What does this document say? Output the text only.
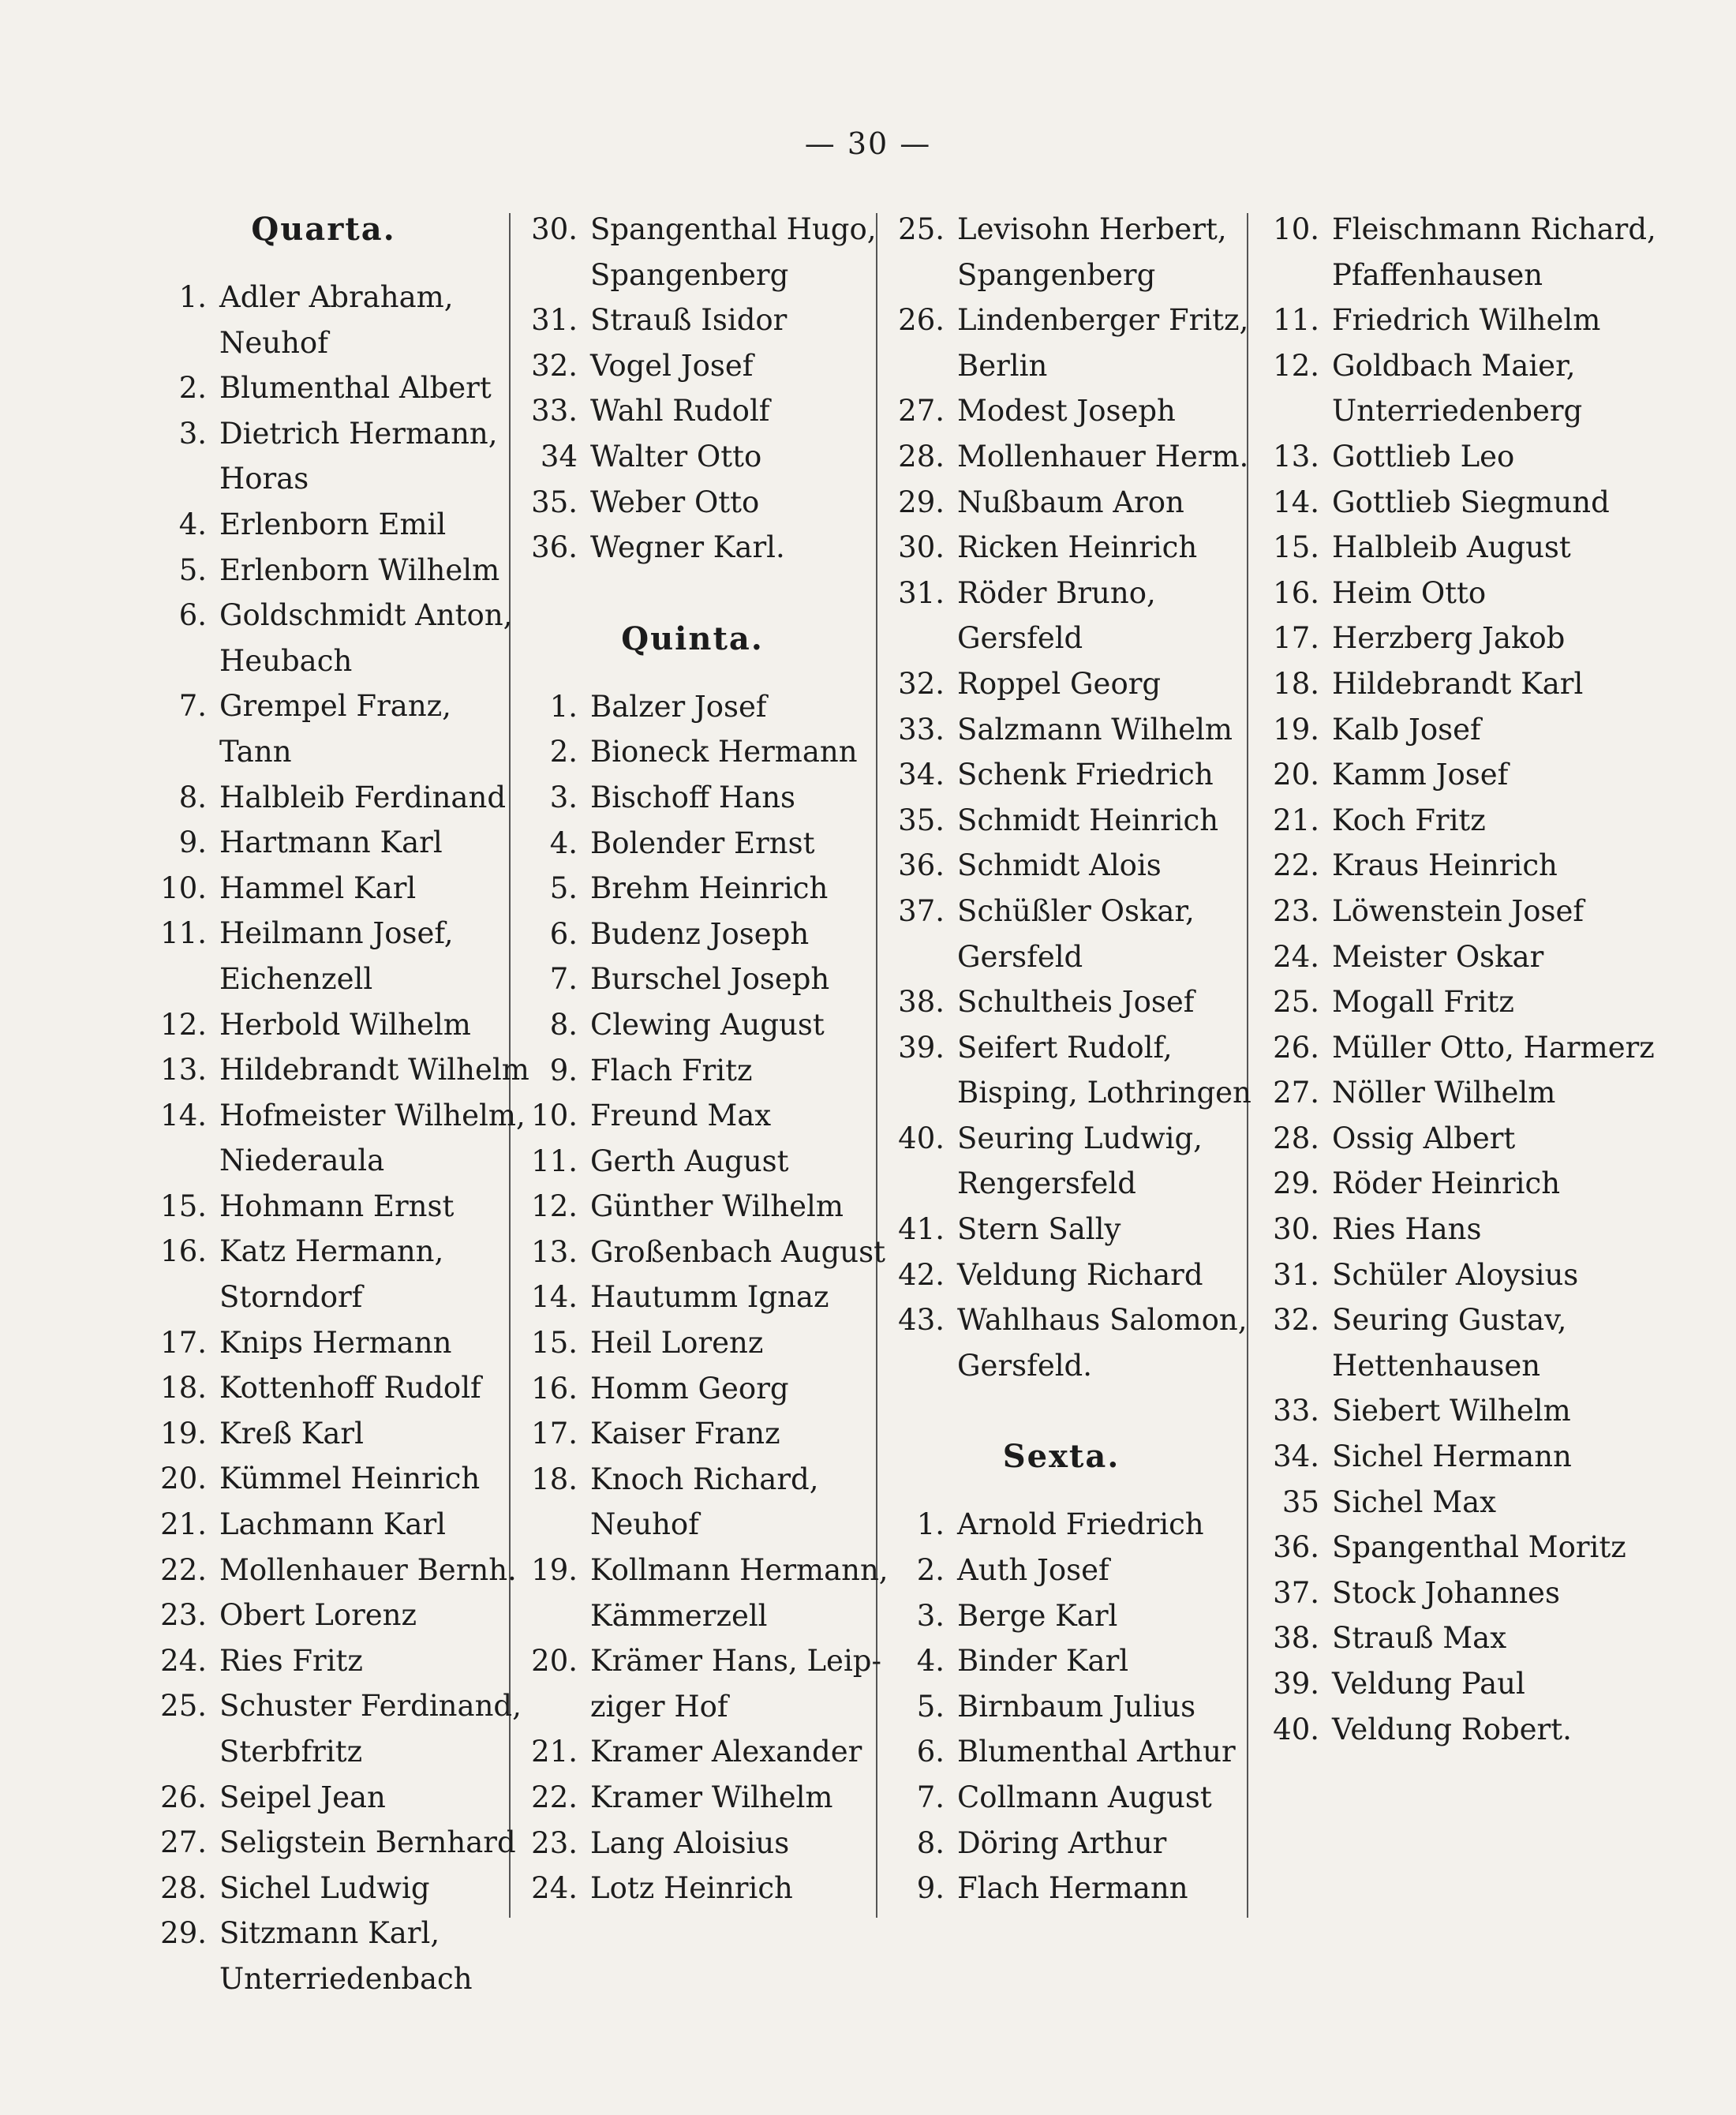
— 30 —
Quarta.
1. Adler Abraham,
Neuhof
2. Blumenthal Albert
3. Dietrich Hermann,
Horas
4. Erlenborn Emil
5. Erlenborn Wilhelm
6. Goldschmidt Anton,
Heubach
7. Grempel Franz,
Tann
8. Halbleib Ferdinand
9. Hartmann Karl
10. Hammel Karl
11. Heilmann Josef,
Eichenzell
12. Herbold Wilhelm
13. Hildebrandt Wilhelm
14. Hofmeister Wilhelm,
Niederaula
15. Hohmann Ernst
16. Katz Hermann,
Storndorf
17. Knips Hermann
18. Kottenhoff Rudolf
19. Kreß Karl
20. Kümmel Heinrich
21. Lachmann Karl
22. Mollenhauer Bernh.
23. Obert Lorenz
24. Ries Fritz
25. Schuster Ferdinand,
Sterbfritz
26. Seipel Jean
27. Seligstein Bernhard
28. Sichel Ludwig
29. Sitzmann Karl,
Unterriedenbach
30. Spangenthal Hugo,
Spangenberg
31. Strauß Isidor
32. Vogel Josef
33. Wahl Rudolf
34 Walter Otto
35. Weber Otto
36. Wegner Karl.
Quinta.
1. Balzer Josef
2. Bioneck Hermann
3. Bischoff Hans
4. Bolender Ernst
5. Brehm Heinrich
6. Budenz Joseph
7. Burschel Joseph
8. Clewing August
9. Flach Fritz
10. Freund Max
11. Gerth August
12. Günther Wilhelm
13. Großenbach August
14. Hautumm Ignaz
15. Heil Lorenz
16. Homm Georg
17. Kaiser Franz
18. Knoch Richard,
Neuhof
19. Kollmann Hermann,
Kämmerzell
20. Krämer Hans, Leip-
ziger Hof
21. Kramer Alexander
22. Kramer Wilhelm
23. Lang Aloisius
24. Lotz Heinrich
25. Levisohn Herbert,
Spangenberg
26. Lindenberger Fritz,
Berlin
27. Modest Joseph
28. Mollenhauer Herm.
29. Nußbaum Aron
30. Ricken Heinrich
31. Röder Bruno,
Gersfeld
32. Roppel Georg
33. Salzmann Wilhelm
34. Schenk Friedrich
35. Schmidt Heinrich
36. Schmidt Alois
37. Schüßler Oskar,
Gersfeld
38. Schultheis Josef
39. Seifert Rudolf,
Bisping, Lothringen
40. Seuring Ludwig,
Rengersfeld
41. Stern Sally
42. Veldung Richard
43. Wahlhaus Salomon,
Gersfeld.
Sexta.
1. Arnold Friedrich
2. Auth Josef
3. Berge Karl
4. Binder Karl
5. Birnbaum Julius
6. Blumenthal Arthur
7. Collmann August
8. Döring Arthur
9. Flach Hermann
10. Fleischmann Richard,
Pfaffenhausen
11. Friedrich Wilhelm
12. Goldbach Maier,
Unterriedenberg
13. Gottlieb Leo
14. Gottlieb Siegmund
15. Halbleib August
16. Heim Otto
17. Herzberg Jakob
18. Hildebrandt Karl
19. Kalb Josef
20. Kamm Josef
21. Koch Fritz
22. Kraus Heinrich
23. Löwenstein Josef
24. Meister Oskar
25. Mogall Fritz
26. Müller Otto, Harmerz
27. Nöller Wilhelm
28. Ossig Albert
29. Röder Heinrich
30. Ries Hans
31. Schüler Aloysius
32. Seuring Gustav,
Hettenhausen
33. Siebert Wilhelm
34. Sichel Hermann
35 Sichel Max
36. Spangenthal Moritz
37. Stock Johannes
38. Strauß Max
39. Veldung Paul
40. Veldung Robert.
